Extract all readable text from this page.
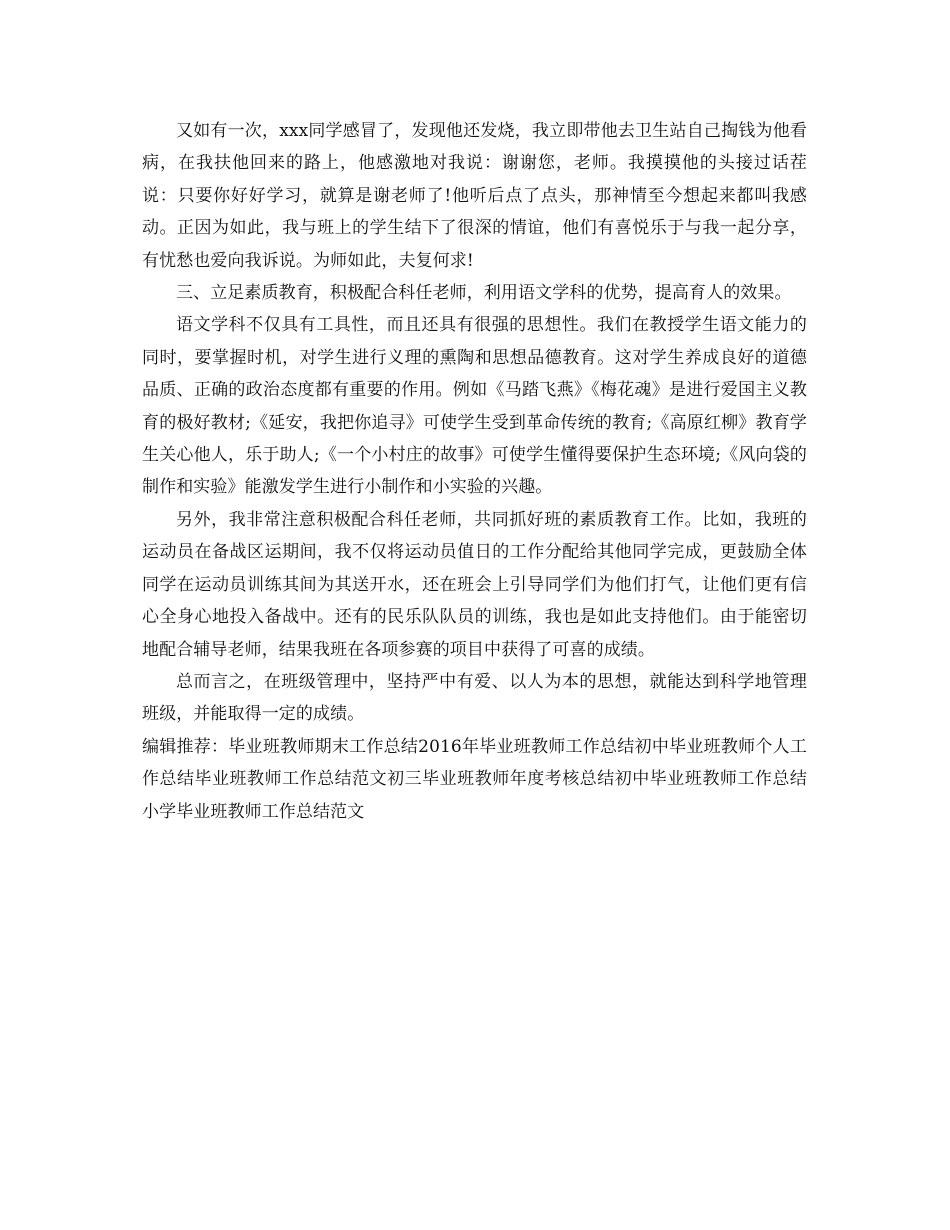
又如有一次，xxx同学感冒了，发现他还发烧，我立即带他去卫生站自己掏钱为他看病，在我扶他回来的路上，他感激地对我说：谢谢您，老师。我摸摸他的头接过话茬说：只要你好好学习，就算是谢老师了!他听后点了点头，那神情至今想起来都叫我感动。正因为如此，我与班上的学生结下了很深的情谊，他们有喜悦乐于与我一起分享，有忧愁也爱向我诉说。为师如此，夫复何求!

三、立足素质教育，积极配合科任老师，利用语文学科的优势，提高育人的效果。

语文学科不仅具有工具性，而且还具有很强的思想性。我们在教授学生语文能力的同时，要掌握时机，对学生进行义理的熏陶和思想品德教育。这对学生养成良好的道德品质、正确的政治态度都有重要的作用。例如《马踏飞燕》《梅花魂》是进行爱国主义教育的极好教材;《延安，我把你追寻》可使学生受到革命传统的教育;《高原红柳》教育学生关心他人，乐于助人;《一个小村庄的故事》可使学生懂得要保护生态环境;《风向袋的制作和实验》能激发学生进行小制作和小实验的兴趣。

另外，我非常注意积极配合科任老师，共同抓好班的素质教育工作。比如，我班的运动员在备战区运期间，我不仅将运动员值日的工作分配给其他同学完成，更鼓励全体同学在运动员训练其间为其送开水，还在班会上引导同学们为他们打气，让他们更有信心全身心地投入备战中。还有的民乐队队员的训练，我也是如此支持他们。由于能密切地配合辅导老师，结果我班在各项参赛的项目中获得了可喜的成绩。

总而言之，在班级管理中，坚持严中有爱、以人为本的思想，就能达到科学地管理班级，并能取得一定的成绩。

编辑推荐：毕业班教师期末工作总结2016年毕业班教师工作总结初中毕业班教师个人工作总结毕业班教师工作总结范文初三毕业班教师年度考核总结初中毕业班教师工作总结小学毕业班教师工作总结范文
